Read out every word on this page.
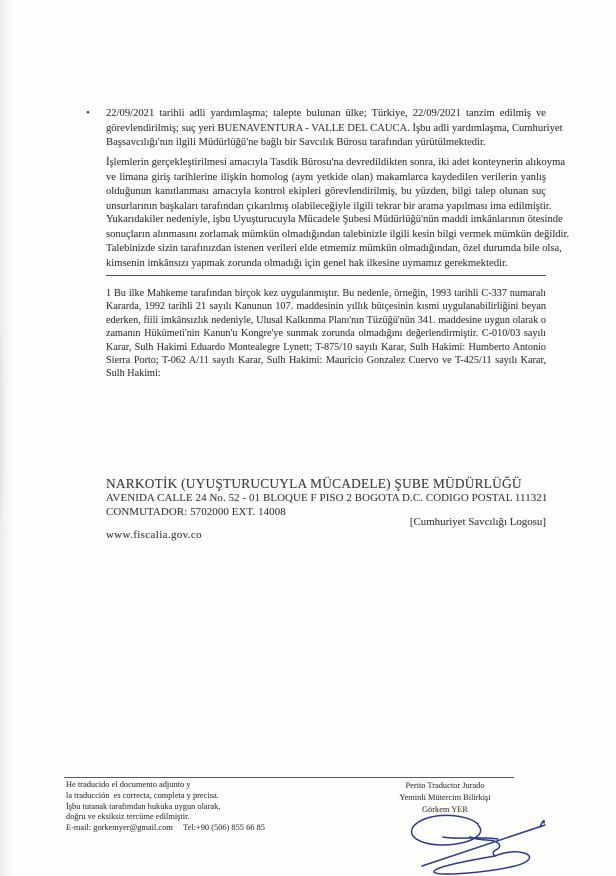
• 22/09/2021 tarihli adli yardımlaşma; talepte bulunan ülke; Türkiye, 22/09/2021 tanzim edilmiş ve
görevlendirilmiş; suç yeri BUENAVENTURA - VALLE DEL CAUCA. İşbu adli yardımlaşma, Cumhuriyet
Başsavcılığı'nın ilgili Müdürlüğü'ne bağlı bir Savcılık Bürosu tarafından yürütülmektedir.
İşlemlerin gerçekleştirilmesi amacıyla Tasdik Bürosu'na devredildikten sonra, iki adet konteynerin alıkoyma
ve limana giriş tarihlerine ilişkin homolog (aynı yetkide olan) makamlarca kaydedilen verilerin yanlış
olduğunun kanıtlanması amacıyla kontrol ekipleri görevlendirilmiş, bu yüzden, bilgi talep olunan suç
unsurlarının başkaları tarafından çıkarılmış olabileceğiyle ilgili tekrar bir arama yapılması ima edilmiştir.
Yukarıdakiler nedeniyle, işbu Uyuşturucuyla Mücadele Şubesi Müdürlüğü'nün maddi imkânlarının ötesinde
sonuçların alınmasını zorlamak mümkün olmadığından talebinizle ilgili kesin bilgi vermek mümkün değildir.
Talebinizde sizin tarafınızdan istenen verileri elde etmemiz mümkün olmadığından, özel durumda bile olsa,
kimsenin imkânsızı yapmak zorunda olmadığı için genel hak ilkesine uymamız gerekmektedir.
1 Bu ilke Mahkeme tarafından birçok kez uygulanmıştır. Bu nedenle, örneğin, 1993 tarihli C-337 numaralı
Kararda, 1992 tarihli 21 sayılı Kanunun 107. maddesinin yıllık bütçesinin kısmi uygulanabilirliğini beyan
ederken, fiili imkânsızlık nedeniyle, Ulusal Kalkınma Planı'nın Tüzüğü'nün 341. maddesine uygun olarak o
zamanın Hükümeti'nin Kanun'u Kongre'ye sunmak zorunda olmadığını değerlendirmiştir. C-010/03 sayılı
Karar, Sulh Hakimi Eduardo Montealegre Lynett; T-875/10 sayılı Karar, Sulh Hakimi: Humberto Antonio
Sierra Porto; T-062 A/11 sayılı Karar, Sulh Hakimi: Mauricio Gonzalez Cuervo ve T-425/11 sayılı Karar,
Sulh Hakimi:
NARKOTİK (UYUŞTURUCUYLA MÜCADELE) ŞUBE MÜDÜRLÜĞÜ
AVENIDA CALLE 24 No. 52 - 01 BLOQUE F PISO 2 BOGOTA D.C. CODIGO POSTAL 111321
CONMUTADOR: 5702000 EXT. 14008
[Cumhuriyet Savcılığı Logosu]
www.fiscalia.gov.co
He traducido el documento adjunto y
la traducción  es correcta, completa y precisa.
İşbu tutanak tarafımdan hukuka uygun olarak,
doğru ve eksiksiz tercüme edilmiştir.
E-mail: gorkemyer@gmail.com     Tel:+90 (506) 855 66 85
Perito Traductor Jurado
Yeminli Mütercim Bilirkişi
Görkem YER
